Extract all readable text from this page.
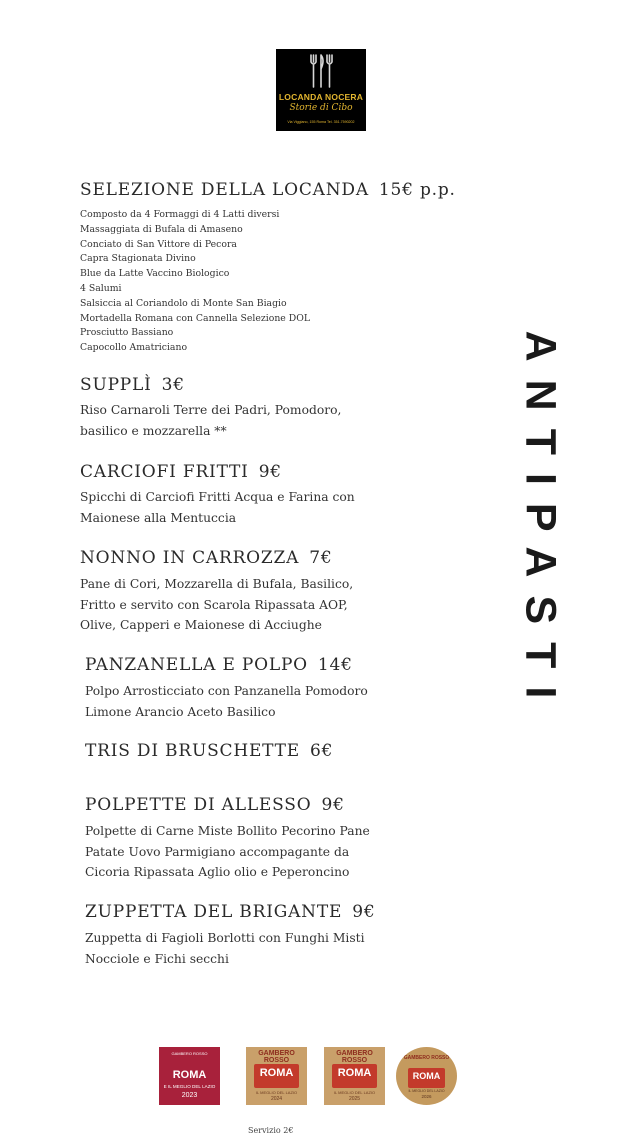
LOCANDA NOCERA
Storie di Cibo
Via Viggiano, 155 Roma Tel. 351.7590202
ANTIPASTI
SELEZIONE DELLA LOCANDA 15€ p.p.

Composto da 4 Formaggi di 4 Latti diversi

Massaggiata di Bufala di Amaseno

Conciato di San Vittore di Pecora

Capra Stagionata Divino

Blue da Latte Vaccino Biologico

4 Salumi

Salsiccia al Coriandolo di Monte San Biagio

Mortadella Romana con Cannella Selezione DOL

Prosciutto Bassiano

Capocollo Amatriciano

SUPPLÌ 3€

Riso Carnaroli Terre dei Padri, Pomodoro,

basilico e mozzarella **

CARCIOFI FRITTI 9€

Spicchi di Carciofi Fritti Acqua e Farina con

Maionese alla Mentuccia

NONNO IN CARROZZA 7€

Pane di Cori, Mozzarella di Bufala, Basilico,

Fritto e servito con Scarola Ripassata AOP,

Olive, Capperi e Maionese di Acciughe

PANZANELLA E POLPO 14€

Polpo Arrosticciato con Panzanella Pomodoro

Limone Arancio Aceto Basilico

TRIS DI BRUSCHETTE 6€
POLPETTE DI ALLESSO 9€

Polpette di Carne Miste Bollito Pecorino Pane

Patate Uovo Parmigiano accompagante da

Cicoria Ripassata Aglio olio e Peperoncino

ZUPPETTA DEL BRIGANTE 9€

Zuppetta di Fagioli Borlotti con Funghi Misti

Nocciole e Fichi secchi

GAMBERO ROSSO
ROMA
E IL MEGLIO DEL LAZIO
2023
GAMBERO ROSSO
ROMA
IL MEGLIO DEL LAZIO
2024
GAMBERO ROSSO
ROMA
IL MEGLIO DEL LAZIO
2025
GAMBERO ROSSO
ROMA
IL MEGLIO DEL LAZIO
2026
Servizio 2€
